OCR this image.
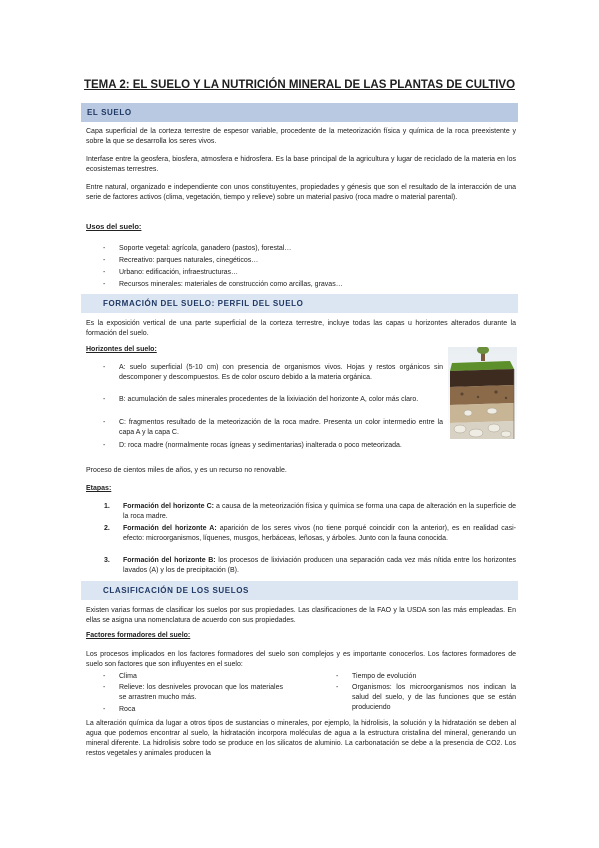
TEMA 2: EL SUELO Y LA NUTRICIÓN MINERAL DE LAS PLANTAS DE CULTIVO
EL SUELO

Capa superficial de la corteza terrestre de espesor variable, procedente de la meteorización física y química de la roca preexistente y sobre la que se desarrolla los seres vivos.

Interfase entre la geosfera, biosfera, atmosfera e hidrosfera. Es la base principal de la agricultura y lugar de reciclado de la materia en los ecosistemas terrestres.

Entre natural, organizado e independiente con unos constituyentes, propiedades y génesis que son el resultado de la interacción de una serie de factores activos (clima, vegetación, tiempo y relieve) sobre un material pasivo (roca madre o material parental).

Usos del suelo:
- Soporte vegetal: agrícola, ganadero (pastos), forestal…
- Recreativo: parques naturales, cinegéticos…
- Urbano: edificación, infraestructuras…
- Recursos minerales: materiales de construcción como arcillas, gravas…
FORMACIÓN DEL SUELO: PERFIL DEL SUELO

Es la exposición vertical de una parte superficial de la corteza terrestre, incluye todas las capas u horizontes alterados durante la formación del suelo.

Horizontes del suelo:
- A: suelo superficial (5-10 cm) con presencia de organismos vivos. Hojas y restos orgánicos sin descomponer y descompuestos. Es de color oscuro debido a la materia orgánica.
- B: acumulación de sales minerales procedentes de la lixiviación del horizonte A, color más claro.
- C: fragmentos resultado de la meteorización de la roca madre. Presenta un color intermedio entre la capa A y la capa C.
- D: roca madre (normalmente rocas ígneas y sedimentarias) inalterada o poco meteorizada.

Proceso de cientos miles de años, y es un recurso no renovable.

Etapas:
1. Formación del horizonte C: a causa de la meteorización física y química se forma una capa de alteración en la superficie de la roca madre.
2. Formación del horizonte A: aparición de los seres vivos (no tiene porqué coincidir con la anterior), es en realidad casi-efecto: microorganismos, líquenes, musgos, herbáceas, leñosas, y árboles. Junto con la fauna conocida.
3. Formación del horizonte B: los procesos de lixiviación producen una separación cada vez más nítida entre los horizontes lavados (A) y los de precipitación (B).
CLASIFICACIÓN DE LOS SUELOS

Existen varias formas de clasificar los suelos por sus propiedades. Las clasificaciones de la FAO y la USDA son las más empleadas. En ellas se asigna una nomenclatura de acuerdo con sus propiedades.

Factores formadores del suelo:

Los procesos implicados en los factores formadores del suelo son complejos y es importante conocerlos. Los factores formadores de suelo son factores que son influyentes en el suelo:

- Clima
- Relieve: los desniveles provocan que los materiales se arrastren mucho más.
- Roca
- Tiempo de evolución
- Organismos: los microorganismos nos indican la salud del suelo, y de las funciones que se están produciendo

La alteración química da lugar a otros tipos de sustancias o minerales, por ejemplo, la hidrolisis, la solución y la hidratación se deben al agua que podemos encontrar al suelo, la hidratación incorpora moléculas de agua a la estructura cristalina del mineral, generando un mineral diferente. La hidrolisis sobre todo se produce en los silicatos de aluminio. La carbonatación se debe a la presencia de CO2. Los restos vegetales y animales producen la
